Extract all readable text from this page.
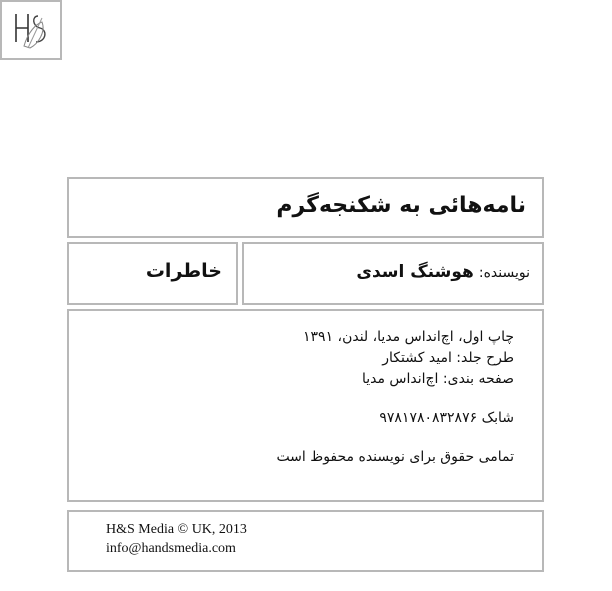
نامه‌هائی به شکنجه‌گرم
نویسنده: هوشنگ اسدی
خاطرات
چاپ اول، اچ‌انداس مدیا، لندن، ۱۳۹۱
طرح جلد: امید کشتکار
صفحه بندی: اچ‌انداس مدیا
شابک ۹۷۸۱۷۸۰۸۳۲۸۷۶
تمامی حقوق برای نویسنده محفوظ است
H&S Media © UK, 2013
info@handsmedia.com
